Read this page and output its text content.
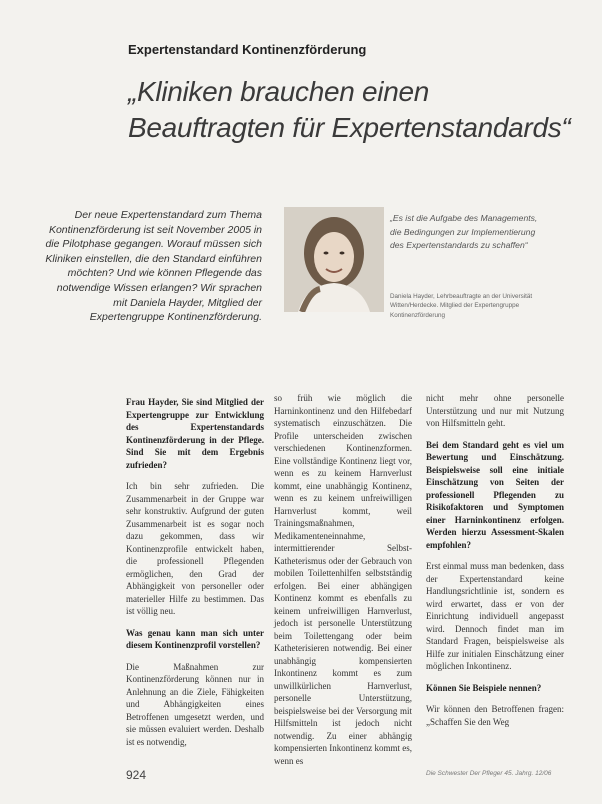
Expertenstandard Kontinenzförderung
„Kliniken brauchen einen Beauftragten für Expertenstandards“
Der neue Expertenstandard zum Thema Kontinenzförderung ist seit November 2005 in die Pilotphase gegangen. Worauf müssen sich Kliniken einstellen, die den Standard einführen möchten? Und wie können Pflegende das notwendige Wissen erlangen? Wir sprachen mit Daniela Hayder, Mitglied der Expertengruppe Kontinenzförderung.
„Es ist die Aufgabe des Managements, die Bedingungen zur Implementierung des Expertenstandards zu schaffen“
Daniela Hayder, Lehrbeauftragte an der Universität Witten/Herdecke. Mitglied der Expertengruppe Kontinenzförderung

Frau Hayder, Sie sind Mitglied der Expertengruppe zur Entwicklung des Expertenstandards Kontinenzförderung in der Pflege. Sind Sie mit dem Ergebnis zufrieden?

Ich bin sehr zufrieden. Die Zusammenarbeit in der Gruppe war sehr konstruktiv. Aufgrund der guten Zusammenarbeit ist es sogar noch dazu gekommen, dass wir Kontinenzprofile entwickelt haben, die professionell Pflegenden ermöglichen, den Grad der Abhängigkeit von personeller oder materieller Hilfe zu bestimmen. Das ist völlig neu.

Was genau kann man sich unter diesem Kontinenzprofil vorstellen?

Die Maßnahmen zur Kontinenzförderung können nur in Anlehnung an die Ziele, Fähigkeiten und Abhängigkeiten eines Betroffenen umgesetzt werden, und sie müssen evaluiert werden. Deshalb ist es notwendig,

so früh wie möglich die Harninkontinenz und den Hilfebedarf systematisch einzuschätzen. Die Profile unterscheiden zwischen verschiedenen Kontinenzformen. Eine vollständige Kontinenz liegt vor, wenn es zu keinem Harnverlust kommt, eine unabhängig Kontinenz, wenn es zu keinem unfreiwilligen Harnverlust kommt, weil Trainingsmaßnahmen, Medikamenteneinnahme, intermittierender Selbst-Katheterismus oder der Gebrauch von mobilen Toilettenhilfen selbstständig erfolgen. Bei einer abhängigen Kontinenz kommt es ebenfalls zu keinem unfreiwilligen Harnverlust, jedoch ist personelle Unterstützung beim Toilettengang oder beim Katheterisieren notwendig. Bei einer unabhängig kompensierten Inkontinenz kommt es zum unwillkürlichen Harnverlust, personelle Unterstützung, beispielsweise bei der Versorgung mit Hilfsmitteln ist jedoch nicht notwendig. Zu einer abhängig kompensierten Inkontinenz kommt es, wenn es

nicht mehr ohne personelle Unterstützung und nur mit Nutzung von Hilfsmitteln geht.

Bei dem Standard geht es viel um Bewertung und Einschätzung. Beispielsweise soll eine initiale Einschätzung von Seiten der professionell Pflegenden zu Risikofaktoren und Symptomen einer Harninkontinenz erfolgen. Werden hierzu Assessment-Skalen empfohlen?

Erst einmal muss man bedenken, dass der Expertenstandard keine Handlungsrichtlinie ist, sondern es wird erwartet, dass er von der Einrichtung individuell angepasst wird. Dennoch findet man im Standard Fragen, beispielsweise als Hilfe zur initialen Einschätzung einer möglichen Inkontinenz.

Können Sie Beispiele nennen?

Wir können den Betroffenen fragen: „Schaffen Sie den Weg

924	Die Schwester Der Pfleger 45. Jahrg. 12/06
